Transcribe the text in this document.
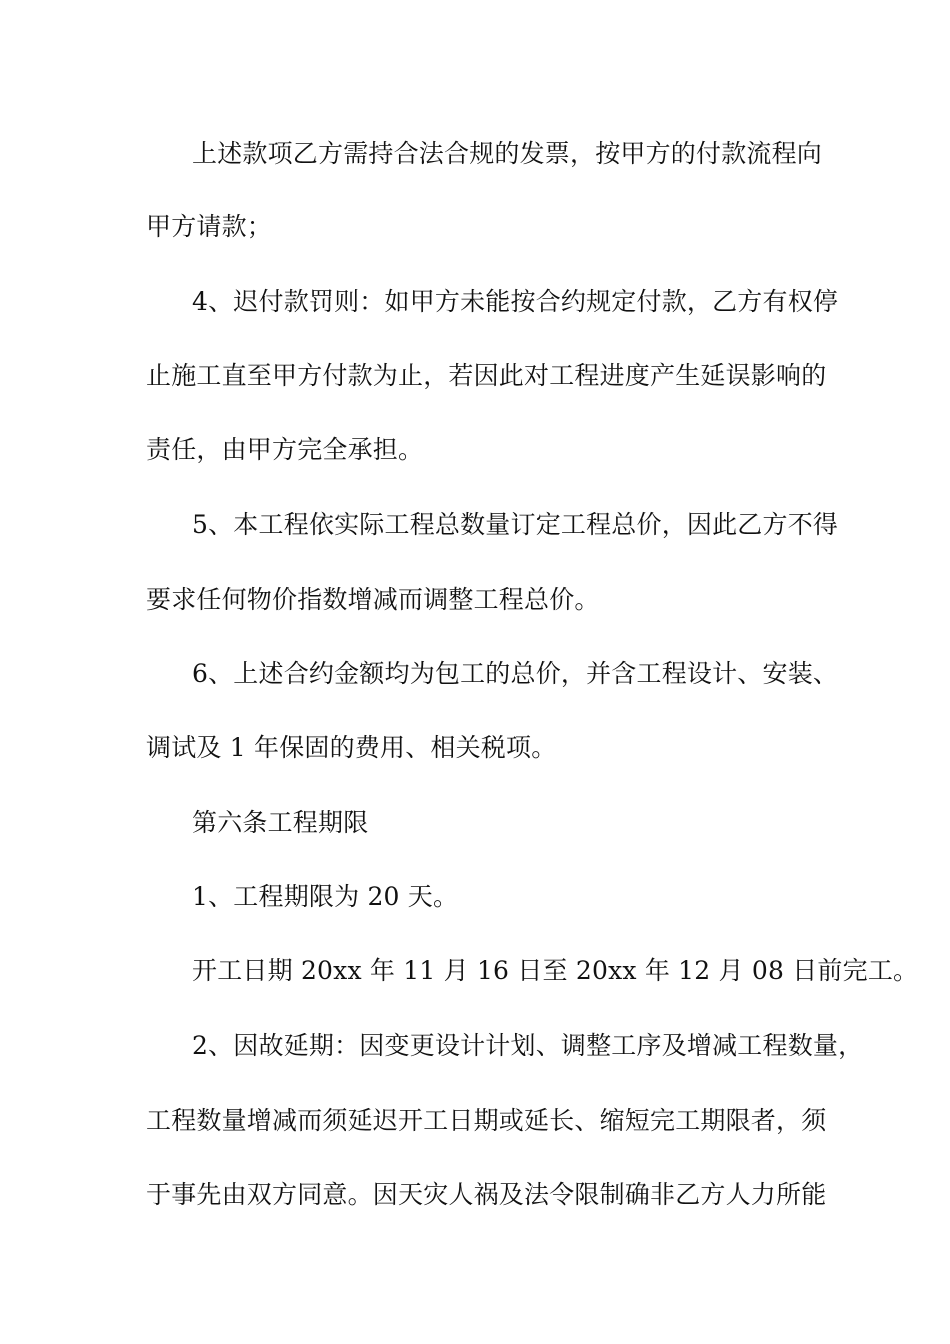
上述款项乙方需持合法合规的发票，按甲方的付款流程向
甲方请款；
4、迟付款罚则：如甲方未能按合约规定付款，乙方有权停
止施工直至甲方付款为止，若因此对工程进度产生延误影响的
责任，由甲方完全承担。
5、本工程依实际工程总数量订定工程总价，因此乙方不得
要求任何物价指数增减而调整工程总价。
6、上述合约金额均为包工的总价，并含工程设计、安装、
调试及 1 年保固的费用、相关税项。
第六条工程期限
1、工程期限为 20 天。
开工日期 20xx 年 11 月 16 日至 20xx 年 12 月 08 日前完工。
2、因故延期：因变更设计计划、调整工序及增减工程数量，
工程数量增减而须延迟开工日期或延长、缩短完工期限者，须
于事先由双方同意。因天灾人祸及法令限制确非乙方人力所能
